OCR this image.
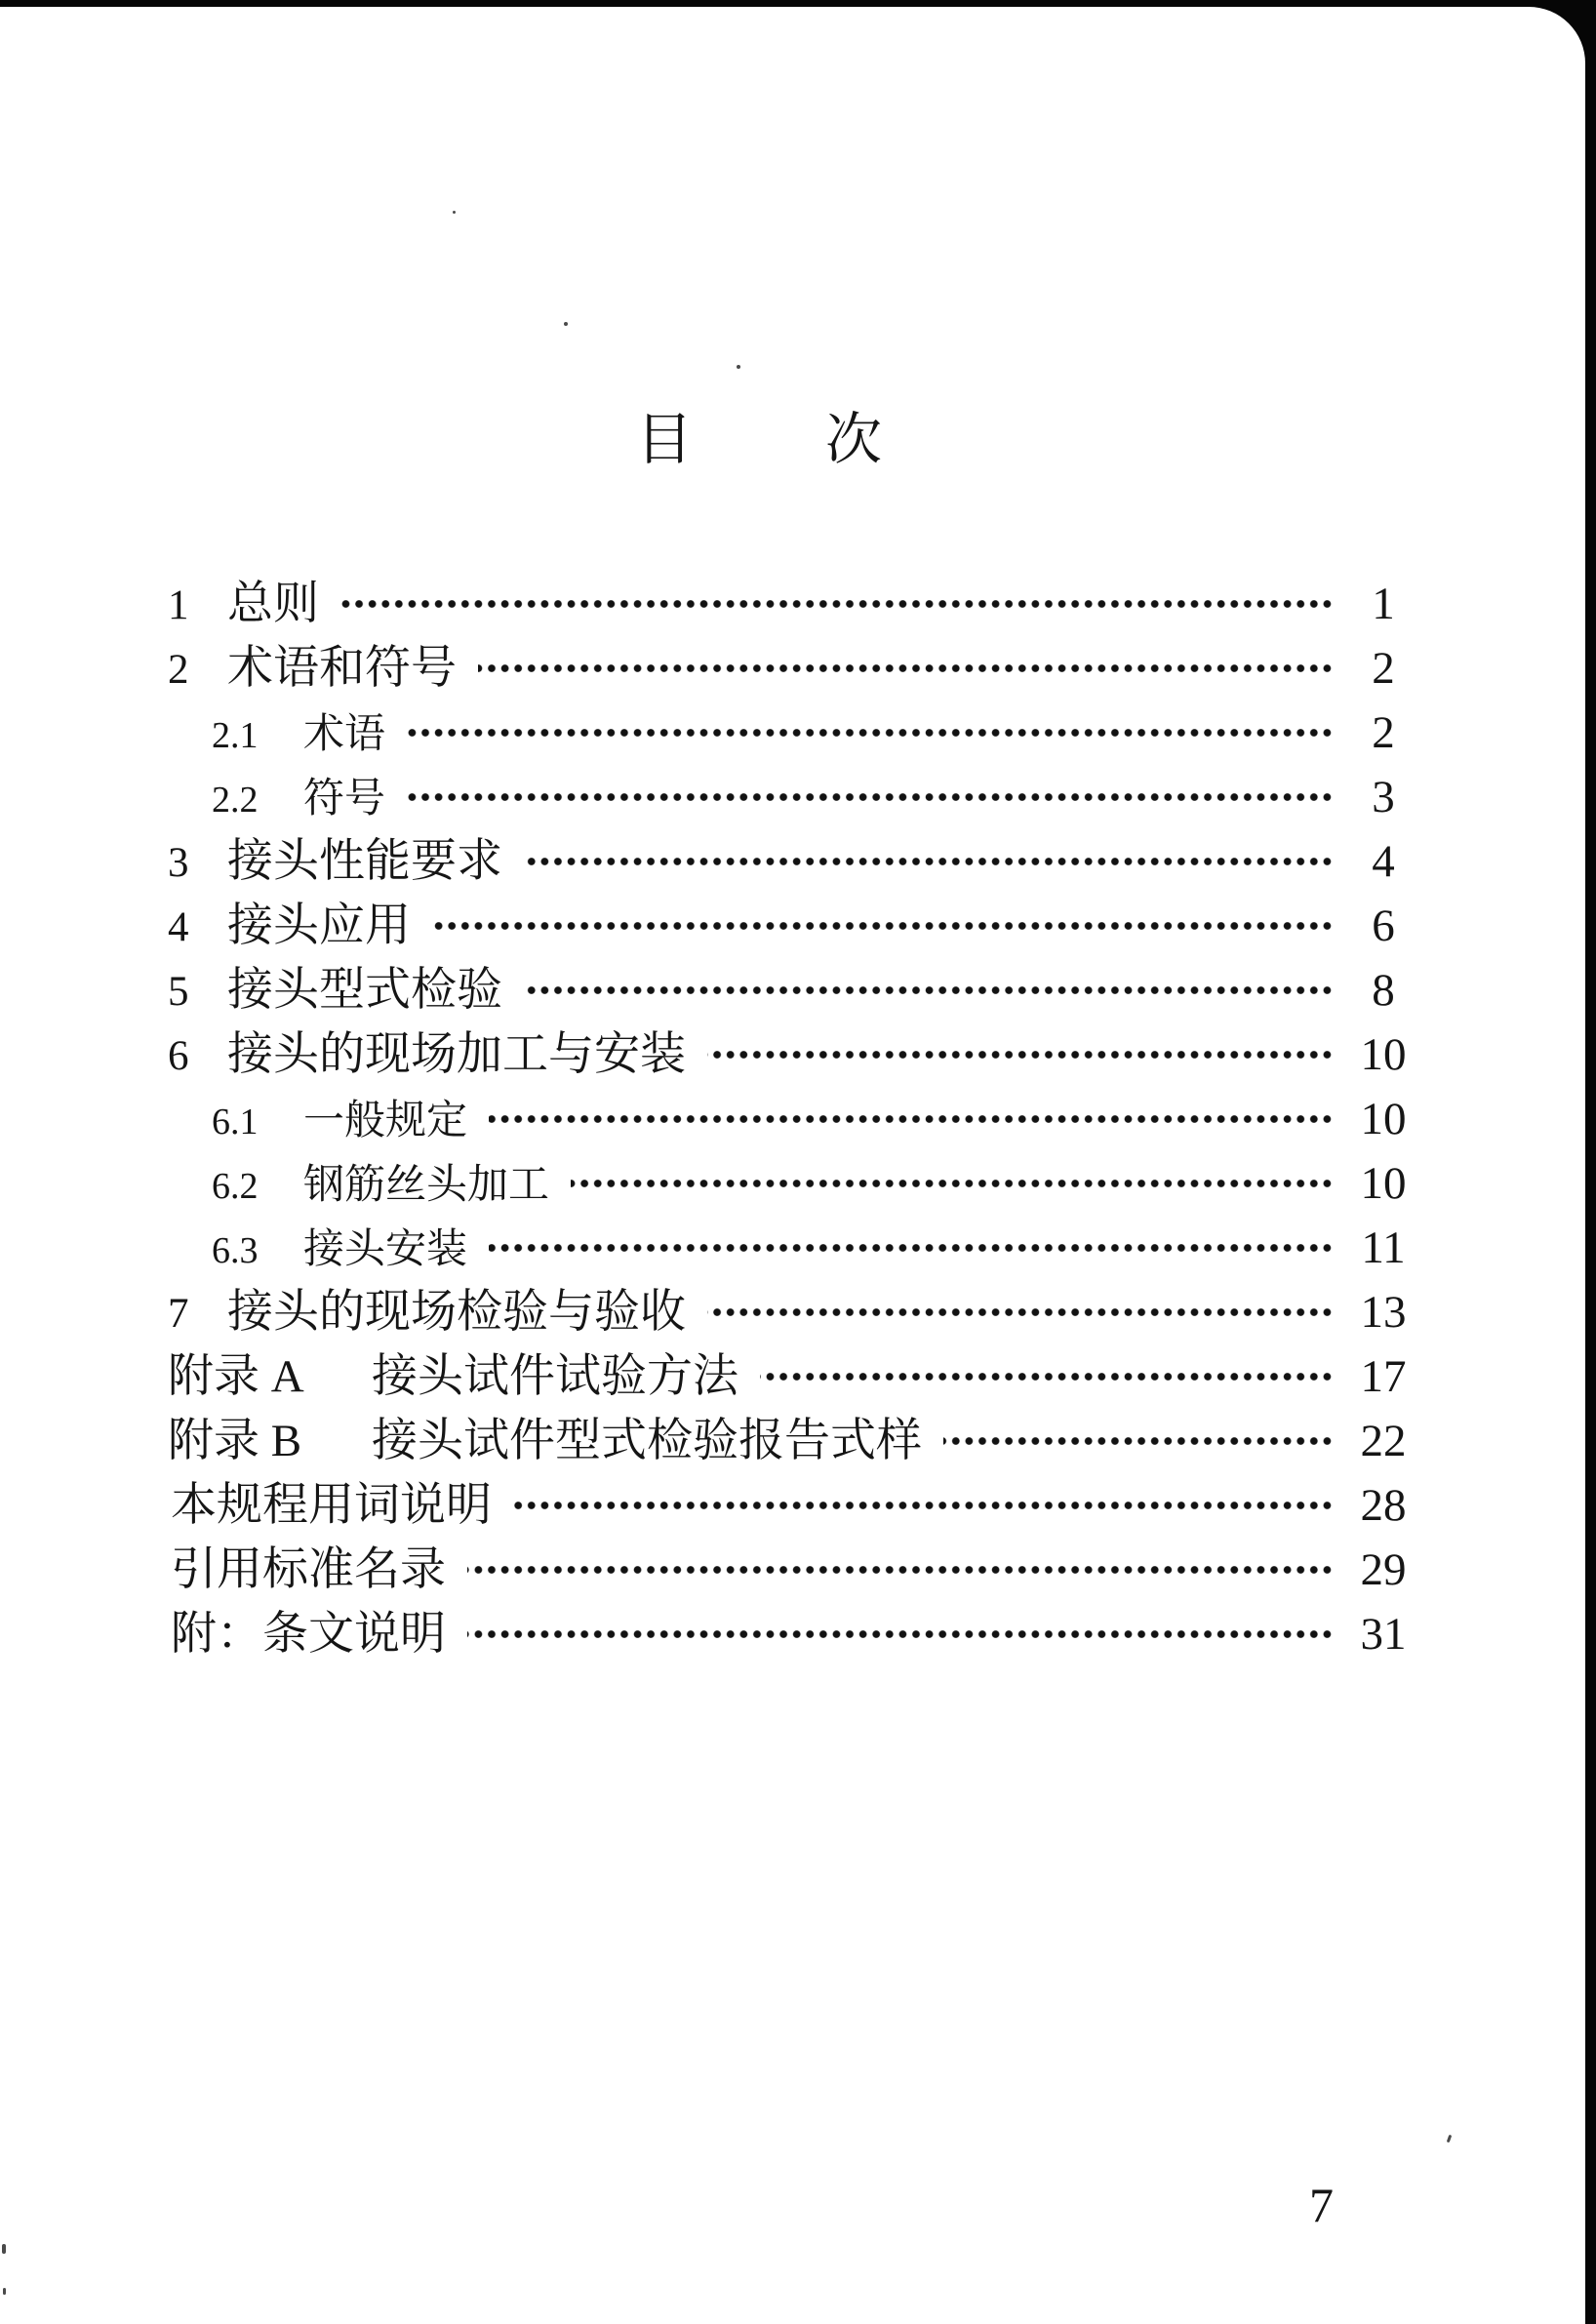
目 次
1 总则	1
2 术语和符号	2
2.1	术语	2
2.2	符号	3
3 接头性能要求	4
4 接头应用	6
5 接头型式检验	8
6 接头的现场加工与安装	10
6.1	一般规定	10
6.2	钢筋丝头加工	10
6.3	接头安装	11
7 接头的现场检验与验收	13
附录 A	接头试件试验方法	17
附录 B	接头试件型式检验报告式样	22
本规程用词说明	28
引用标准名录	29
附：条文说明	31
7
